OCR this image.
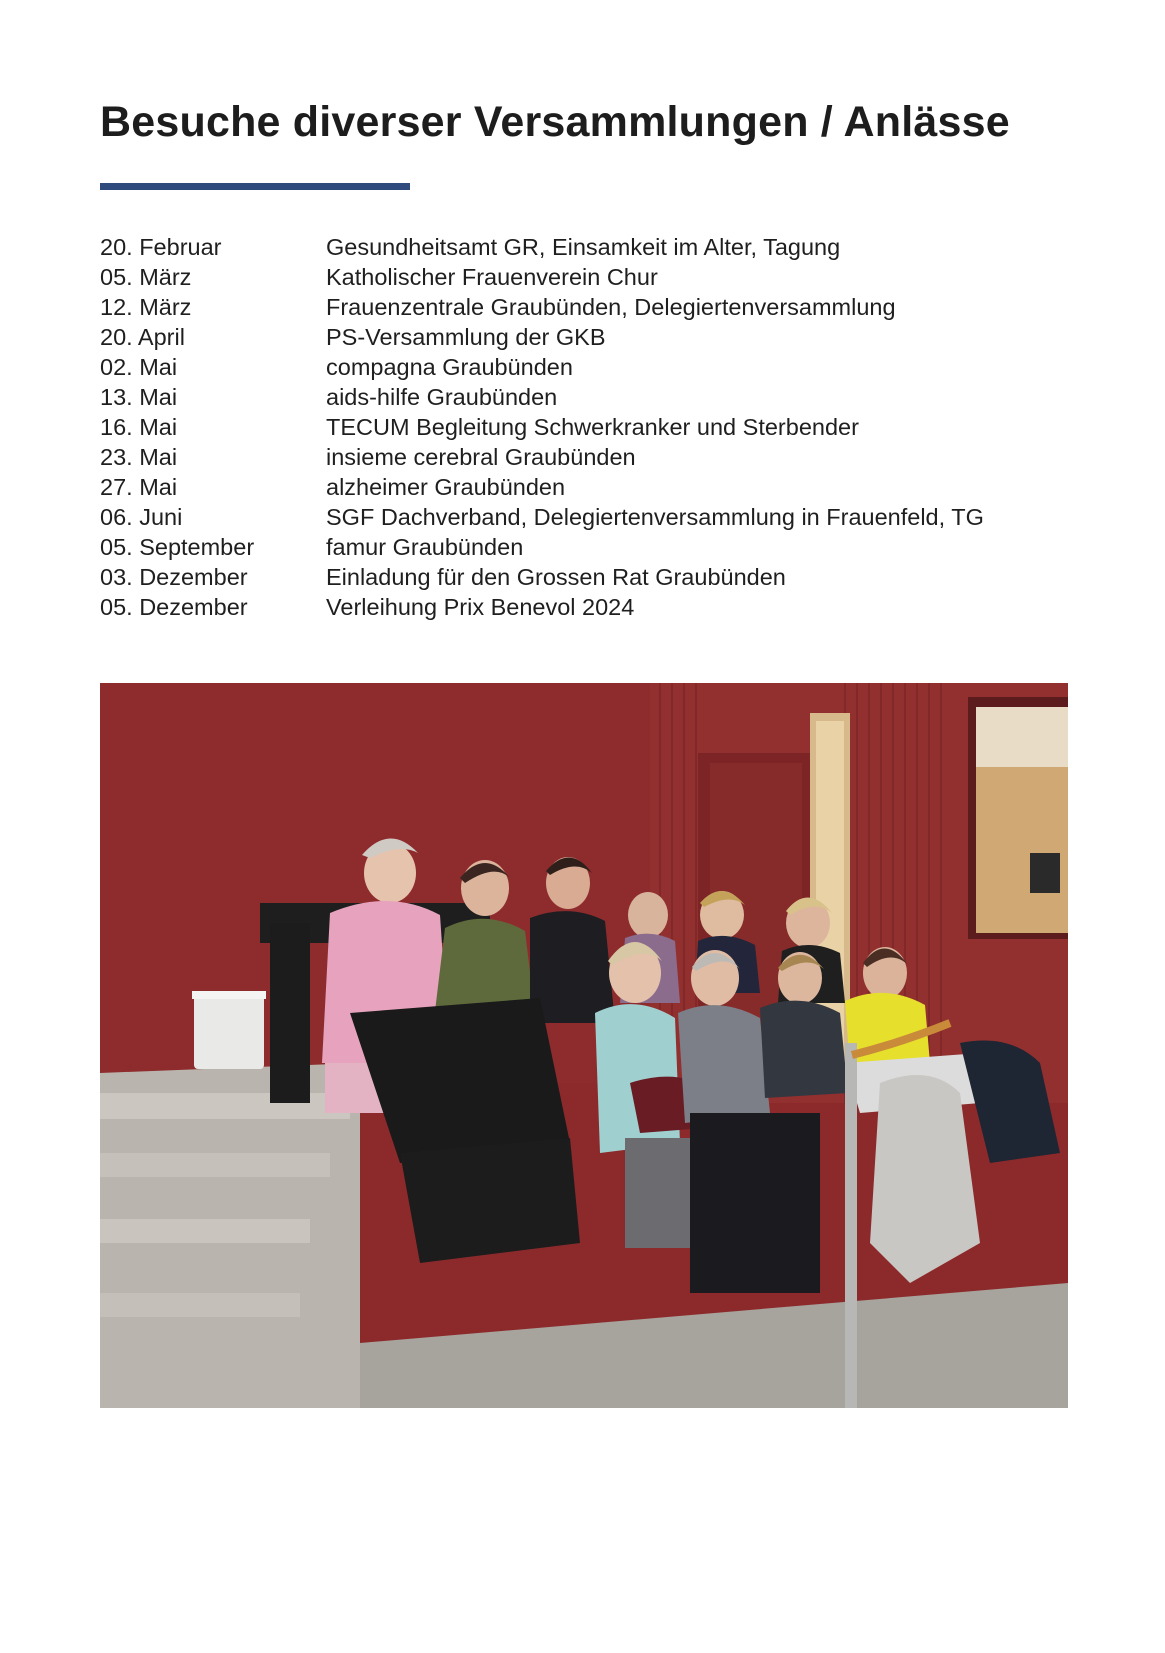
Besuche diverser Versammlungen / Anlässe
20. Februar	Gesundheitsamt GR, Einsamkeit im Alter, Tagung
05. März	Katholischer Frauenverein Chur
12. März	Frauenzentrale Graubünden, Delegiertenversammlung
20. April	PS-Versammlung der GKB
02. Mai	compagna Graubünden
13. Mai	aids-hilfe Graubünden
16. Mai	TECUM Begleitung Schwerkranker und Sterbender
23. Mai	insieme cerebral Graubünden
27. Mai	alzheimer Graubünden
06. Juni	SGF Dachverband, Delegiertenversammlung in Frauenfeld, TG
05. September	famur Graubünden
03. Dezember	Einladung für den Grossen Rat Graubünden
05. Dezember	Verleihung Prix Benevol 2024
